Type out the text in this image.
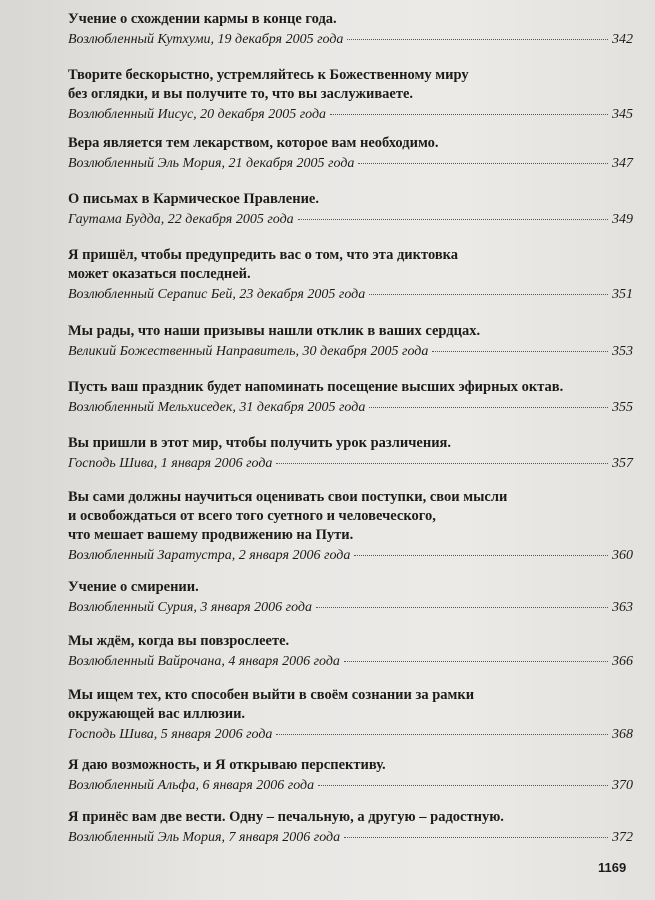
Учение о схождении кармы в конце года.
Возлюбленный Кутхуми, 19 декабря 2005 года	342
Творите бескорыстно, устремляйтесь к Божественному миру
без оглядки, и вы получите то, что вы заслуживаете.
Возлюбленный Иисус, 20 декабря 2005 года	345
Вера является тем лекарством, которое вам необходимо.
Возлюбленный Эль Мория, 21 декабря 2005 года	347
О письмах в Кармическое Правление.
Гаутама Будда, 22 декабря 2005 года	349
Я пришёл, чтобы предупредить вас о том, что эта диктовка
может оказаться последней.
Возлюбленный Серапис Бей, 23 декабря 2005 года	351
Мы рады, что наши призывы нашли отклик в ваших сердцах.
Великий Божественный Направитель, 30 декабря 2005 года	353
Пусть ваш праздник будет напоминать посещение высших эфирных октав.
Возлюбленный Мельхиседек, 31 декабря 2005 года	355
Вы пришли в этот мир, чтобы получить урок различения.
Господь Шива, 1 января 2006 года	357
Вы сами должны научиться оценивать свои поступки, свои мысли
и освобождаться от всего того суетного и человеческого,
что мешает вашему продвижению на Пути.
Возлюбленный Заратустра, 2 января 2006 года	360
Учение о смирении.
Возлюбленный Сурия, 3 января 2006 года	363
Мы ждём, когда вы повзрослеете.
Возлюбленный Вайрочана, 4 января 2006 года	366
Мы ищем тех, кто способен выйти в своём сознании за рамки
окружающей вас иллюзии.
Господь Шива, 5 января 2006 года	368
Я даю возможность, и Я открываю перспективу.
Возлюбленный Альфа, 6 января 2006 года	370
Я принёс вам две вести. Одну – печальную, а другую – радостную.
Возлюбленный Эль Мория, 7 января 2006 года	372
1169
